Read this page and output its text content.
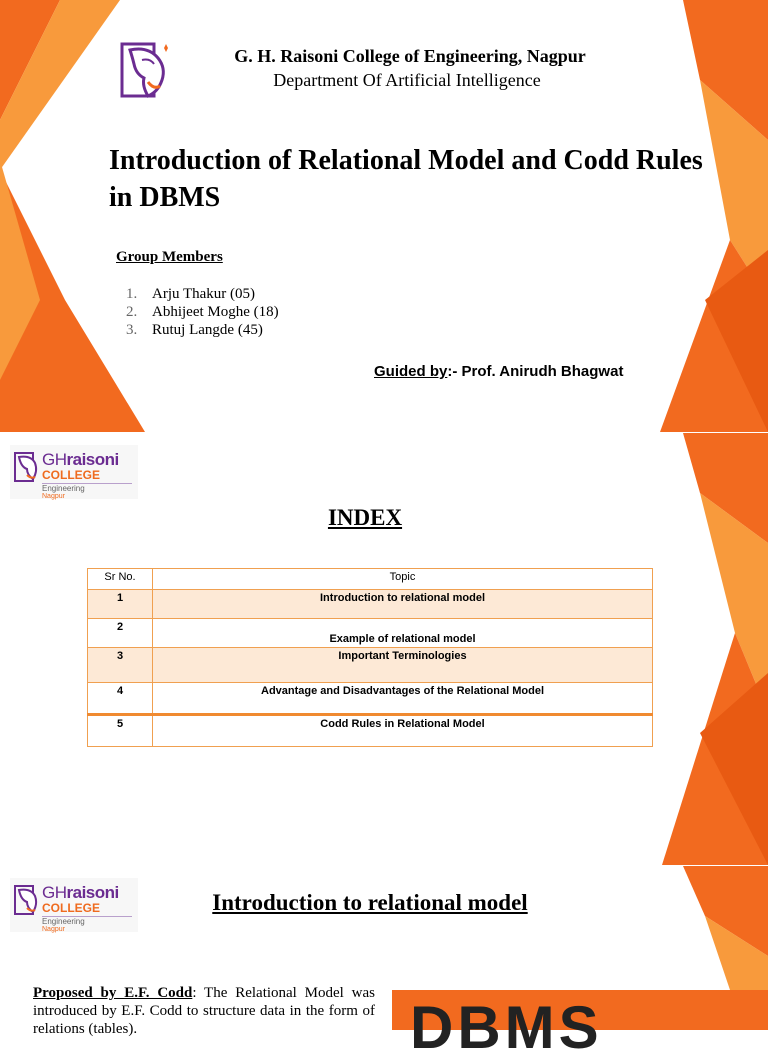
G. H. Raisoni College of Engineering, Nagpur
Department Of Artificial Intelligence
Introduction of Relational Model and Codd Rules in DBMS
Group Members
1. Arju Thakur (05)
2. Abhijeet Moghe (18)
3. Rutuj Langde (45)
Guided by:- Prof. Anirudh Bhagwat
GHraisoni
COLLEGE
Engineering
Nagpur
INDEX
Sr No.	Topic
1	Introduction to relational model
2	Example of relational model
3	Important Terminologies
4	Advantage and Disadvantages of the Relational Model
5	Codd Rules in Relational Model
GHraisoni
COLLEGE
Engineering
Nagpur
Introduction to relational model
Proposed by E.F. Codd: The Relational Model was introduced by E.F. Codd to structure data in the form of relations (tables).	DBMS
